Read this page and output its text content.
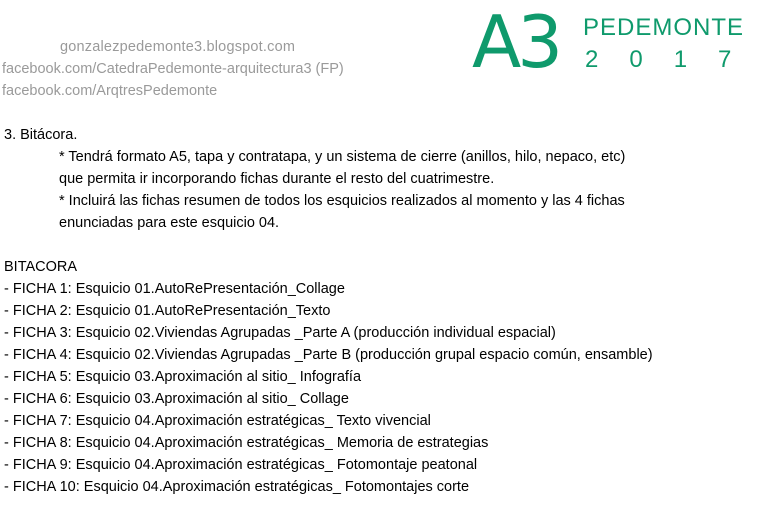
gonzalezpedemonte3.blogspot.com
facebook.com/CatedraPedemonte-arquitectura3 (FP)
facebook.com/ArqtresPedemonte
A3 PEDEMONTE
2017
3. Bitácora.
* Tendrá formato A5, tapa y contratapa, y un sistema de cierre (anillos, hilo, nepaco, etc)
que permita ir incorporando fichas durante el resto del cuatrimestre.
* Incluirá las fichas resumen de todos los esquicios realizados al momento y las 4 fichas
enunciadas para este esquicio 04.
BITACORA
- FICHA 1: Esquicio 01.AutoRePresentación_Collage
- FICHA 2: Esquicio 01.AutoRePresentación_Texto
- FICHA 3: Esquicio 02.Viviendas Agrupadas _Parte A (producción individual espacial)
- FICHA 4: Esquicio 02.Viviendas Agrupadas _Parte B (producción grupal espacio común, ensamble)
- FICHA 5: Esquicio 03.Aproximación al sitio_ Infografía
- FICHA 6: Esquicio 03.Aproximación al sitio_ Collage
- FICHA 7: Esquicio 04.Aproximación estratégicas_ Texto vivencial
- FICHA 8: Esquicio 04.Aproximación estratégicas_ Memoria de estrategias
- FICHA 9: Esquicio 04.Aproximación estratégicas_ Fotomontaje peatonal
- FICHA 10: Esquicio 04.Aproximación estratégicas_ Fotomontajes corte
